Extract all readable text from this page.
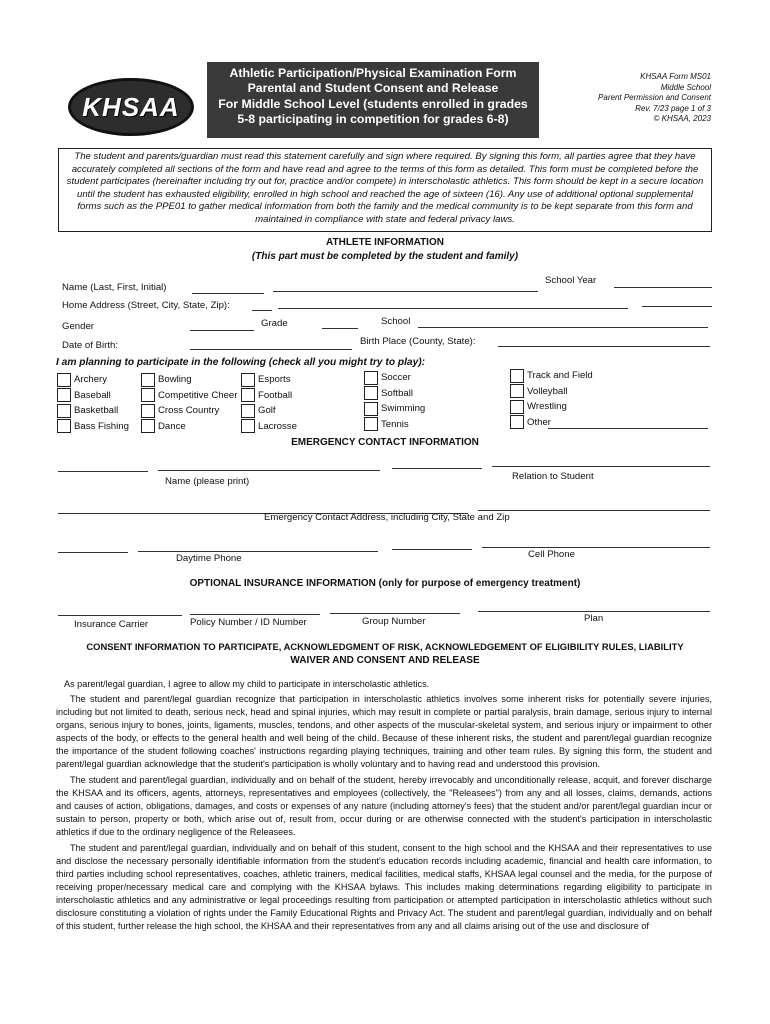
KHSAA
Athletic Participation/Physical Examination Form
Parental and Student Consent and Release
For Middle School Level (students enrolled in grades
5-8 participating in competition for grades 6-8)
KHSAA Form MS01
Middle School
Parent Permission and Consent
Rev. 7/23 page 1 of 3
© KHSAA, 2023
The student and parents/guardian must read this statement carefully and sign where required. By signing this form, all parties agree that they have accurately completed all sections of the form and have read and agree to the terms of this form as detailed. This form must be completed before the student participates (hereinafter including try out for, practice and/or compete) in interscholastic athletics. This form should be kept in a secure location until the student has exhausted eligibility, enrolled in high school and reached the age of sixteen (16). Any use of additional optional supplemental forms such as the PPE01 to gather medical information from both the family and the medical community is to be kept separate from this form and maintained in compliance with state and federal privacy laws.
ATHLETE INFORMATION
(This part must be completed by the student and family)
Name (Last, First, Initial)
School Year
Home Address (Street, City, State, Zip):
Gender	Grade	School
Date of Birth:	Birth Place (County, State):
I am planning to participate in the following (check all you might try to play):
Archery
Baseball
Basketball
Bass Fishing
Bowling
Competitive Cheer
Cross Country
Dance
Esports
Football
Golf
Lacrosse
Soccer
Softball
Swimming
Tennis
Track and Field
Volleyball
Wrestling
Other
EMERGENCY CONTACT INFORMATION
Name (please print)	Relation to Student
Emergency Contact Address, including City, State and Zip
Daytime Phone	Cell Phone
OPTIONAL INSURANCE INFORMATION (only for purpose of emergency treatment)
Insurance Carrier	Policy Number / ID Number	Group Number	Plan
CONSENT INFORMATION TO PARTICIPATE, ACKNOWLEDGMENT OF RISK, ACKNOWLEDGEMENT OF ELIGIBILITY RULES, LIABILITY
WAIVER AND CONSENT AND RELEASE

As parent/legal guardian, I agree to allow my child to participate in interscholastic athletics.

The student and parent/legal guardian recognize that participation in interscholastic athletics involves some inherent risks for potentially severe injuries, including but not limited to death, serious neck, head and spinal injuries, which may result in complete or partial paralysis, brain damage, serious injury to internal organs, serious injury to bones, joints, ligaments, muscles, tendons, and other aspects of the muscular-skeletal system, and serious injury or impairment to other aspects of the body, or effects to the general health and well being of the child. Because of these inherent risks, the student and parent/legal guardian recognize the importance of the student following coaches' instructions regarding playing techniques, training and other team rules. By signing this form, the student and parent/legal guardian acknowledge that the student's participation is wholly voluntary and to having read and understood this provision.

The student and parent/legal guardian, individually and on behalf of the student, hereby irrevocably and unconditionally release, acquit, and forever discharge the KHSAA and its officers, agents, attorneys, representatives and employees (collectively, the "Releasees") from any and all losses, claims, demands, actions and causes of action, obligations, damages, and costs or expenses of any nature (including attorney's fees) that the student and/or parent/legal guardian incur or sustain to person, property or both, which arise out of, result from, occur during or are otherwise connected with the student's participation in interscholastic athletics if due to the ordinary negligence of the Releasees.

The student and parent/legal guardian, individually and on behalf of this student, consent to the high school and the KHSAA and their representatives to use and disclose the necessary personally identifiable information from the student's education records including academic, financial and health care information, to third parties including school representatives, coaches, athletic trainers, medical facilities, medical staffs, KHSAA legal counsel and the media, for the purpose of receiving proper/necessary medical care and complying with the KHSAA bylaws. This includes making determinations regarding eligibility to participate in interscholastic athletics and any administrative or legal proceedings resulting from participation or attempted participation in interscholastic athletics without such disclosure constituting a violation of rights under the Family Educational Rights and Privacy Act. The student and parent/legal guardian, individually and on behalf of this student, further release the high school, the KHSAA and their representatives from any and all claims arising out of the use and disclosure of
